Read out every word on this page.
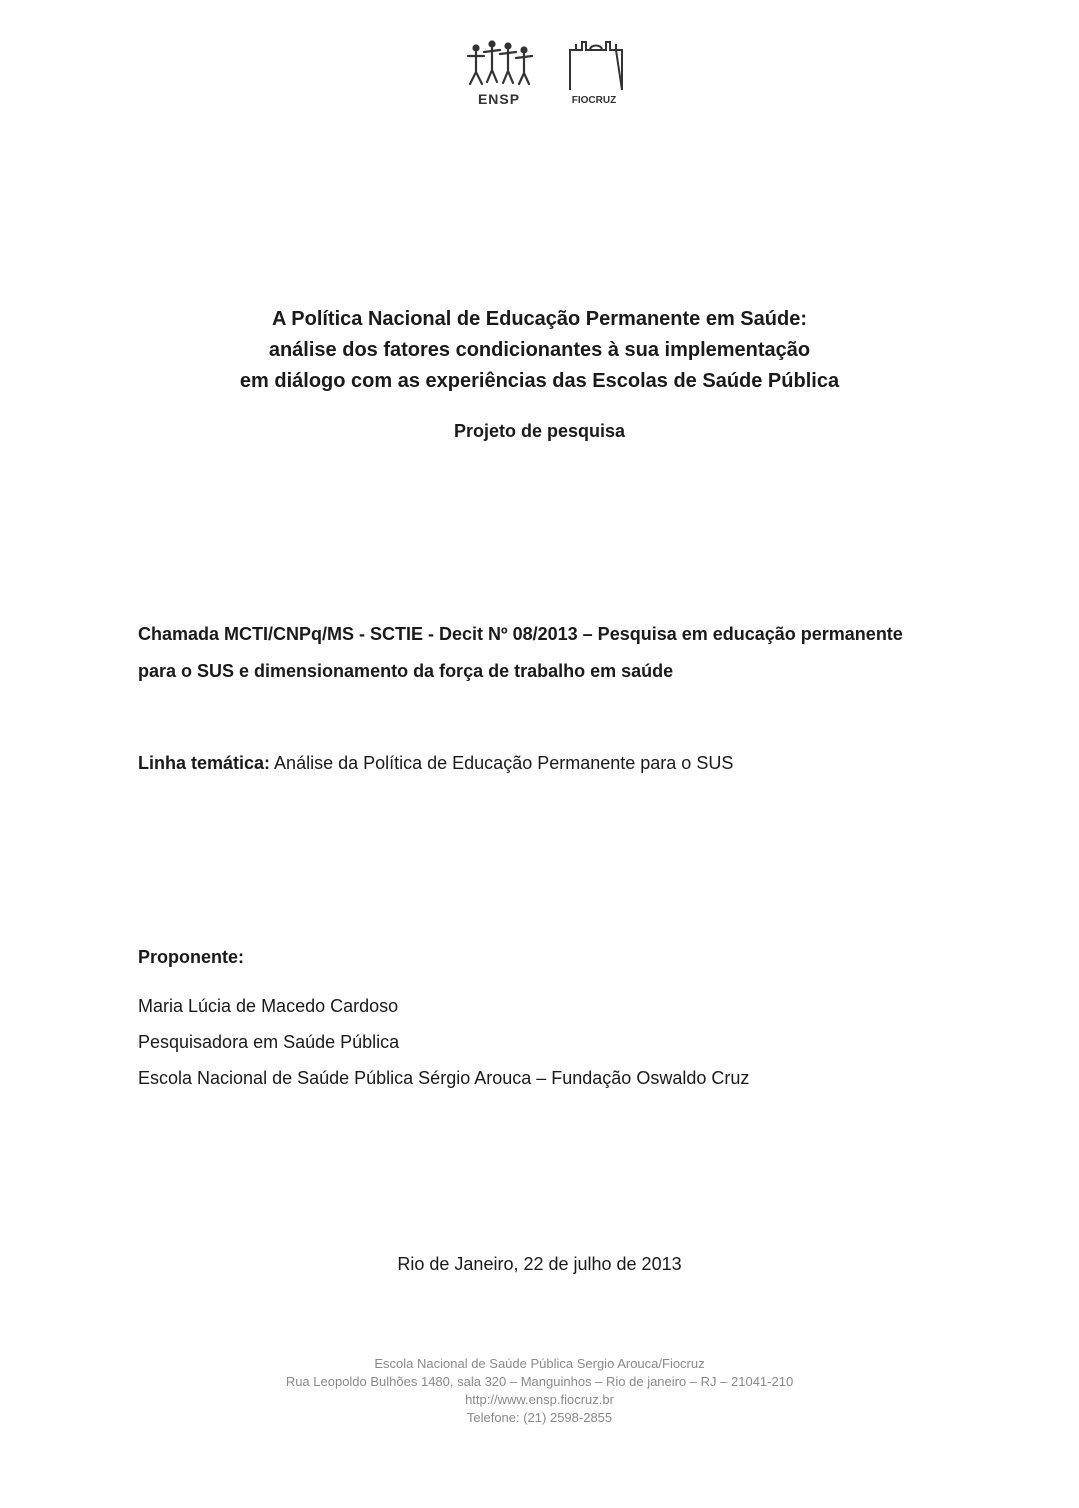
ENSP	FIOCRUZ
A Política Nacional de Educação Permanente em Saúde:
análise dos fatores condicionantes à sua implementação
em diálogo com as experiências das Escolas de Saúde Pública
Projeto de pesquisa
Chamada MCTI/CNPq/MS - SCTIE - Decit Nº 08/2013 – Pesquisa em educação permanente
para o SUS e dimensionamento da força de trabalho em saúde
Linha temática: Análise da Política de Educação Permanente para o SUS
Proponente:
Maria Lúcia de Macedo Cardoso
Pesquisadora em Saúde Pública
Escola Nacional de Saúde Pública Sérgio Arouca – Fundação Oswaldo Cruz
Rio de Janeiro, 22 de julho de 2013
Escola Nacional de Saúde Pública Sergio Arouca/Fiocruz
Rua Leopoldo Bulhões 1480, sala 320 – Manguinhos – Rio de janeiro – RJ – 21041-210
http://www.ensp.fiocruz.br
Telefone: (21) 2598-2855
